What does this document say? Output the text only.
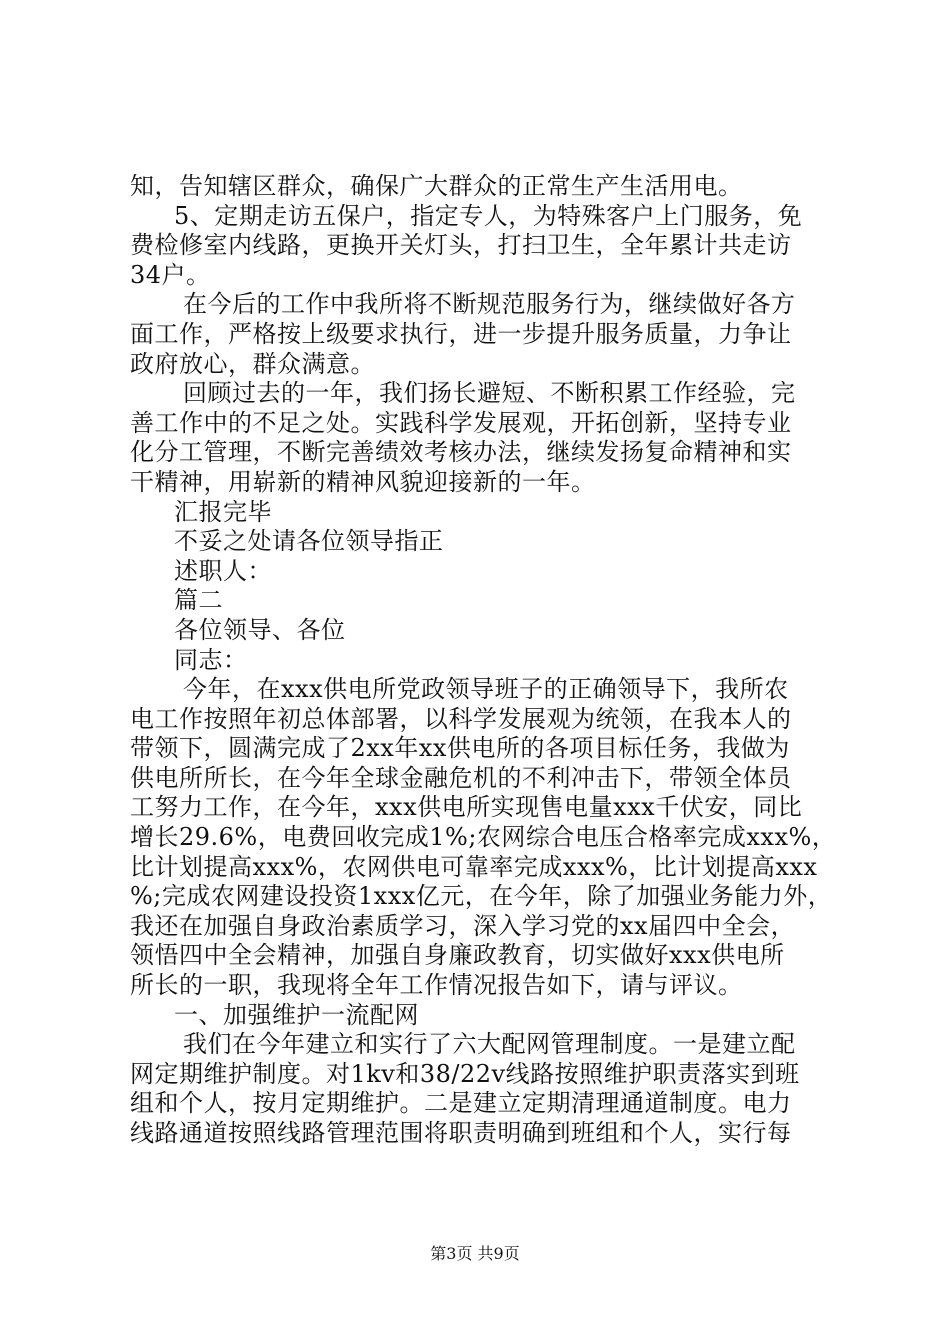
知，告知辖区群众，确保广大群众的正常生产生活用电。
5、定期走访五保户，指定专人，为特殊客户上门服务，免
费检修室内线路，更换开关灯头，打扫卫生，全年累计共走访
34户。
在今后的工作中我所将不断规范服务行为，继续做好各方
面工作，严格按上级要求执行，进一步提升服务质量，力争让
政府放心，群众满意。
回顾过去的一年，我们扬长避短、不断积累工作经验，完
善工作中的不足之处。实践科学发展观，开拓创新，坚持专业
化分工管理，不断完善绩效考核办法，继续发扬复命精神和实
干精神，用崭新的精神风貌迎接新的一年。
汇报完毕
不妥之处请各位领导指正
述职人：
篇二
各位领导、各位
同志：
今年，在xxx供电所党政领导班子的正确领导下，我所农
电工作按照年初总体部署，以科学发展观为统领，在我本人的
带领下，圆满完成了2xx年xx供电所的各项目标任务，我做为
供电所所长，在今年全球金融危机的不利冲击下，带领全体员
工努力工作，在今年，xxx供电所实现售电量xxx千伏安，同比
增长29.6%，电费回收完成1%;农网综合电压合格率完成xxx%，
比计划提高xxx%，农网供电可靠率完成xxx%，比计划提高xxx
%;完成农网建设投资1xxx亿元，在今年，除了加强业务能力外，
我还在加强自身政治素质学习，深入学习党的xx届四中全会，
领悟四中全会精神，加强自身廉政教育，切实做好xxx供电所
所长的一职，我现将全年工作情况报告如下，请与评议。
一、加强维护一流配网
我们在今年建立和实行了六大配网管理制度。一是建立配
网定期维护制度。对1kv和38/22v线路按照维护职责落实到班
组和个人，按月定期维护。二是建立定期清理通道制度。电力
线路通道按照线路管理范围将职责明确到班组和个人，实行每
第3页 共9页
